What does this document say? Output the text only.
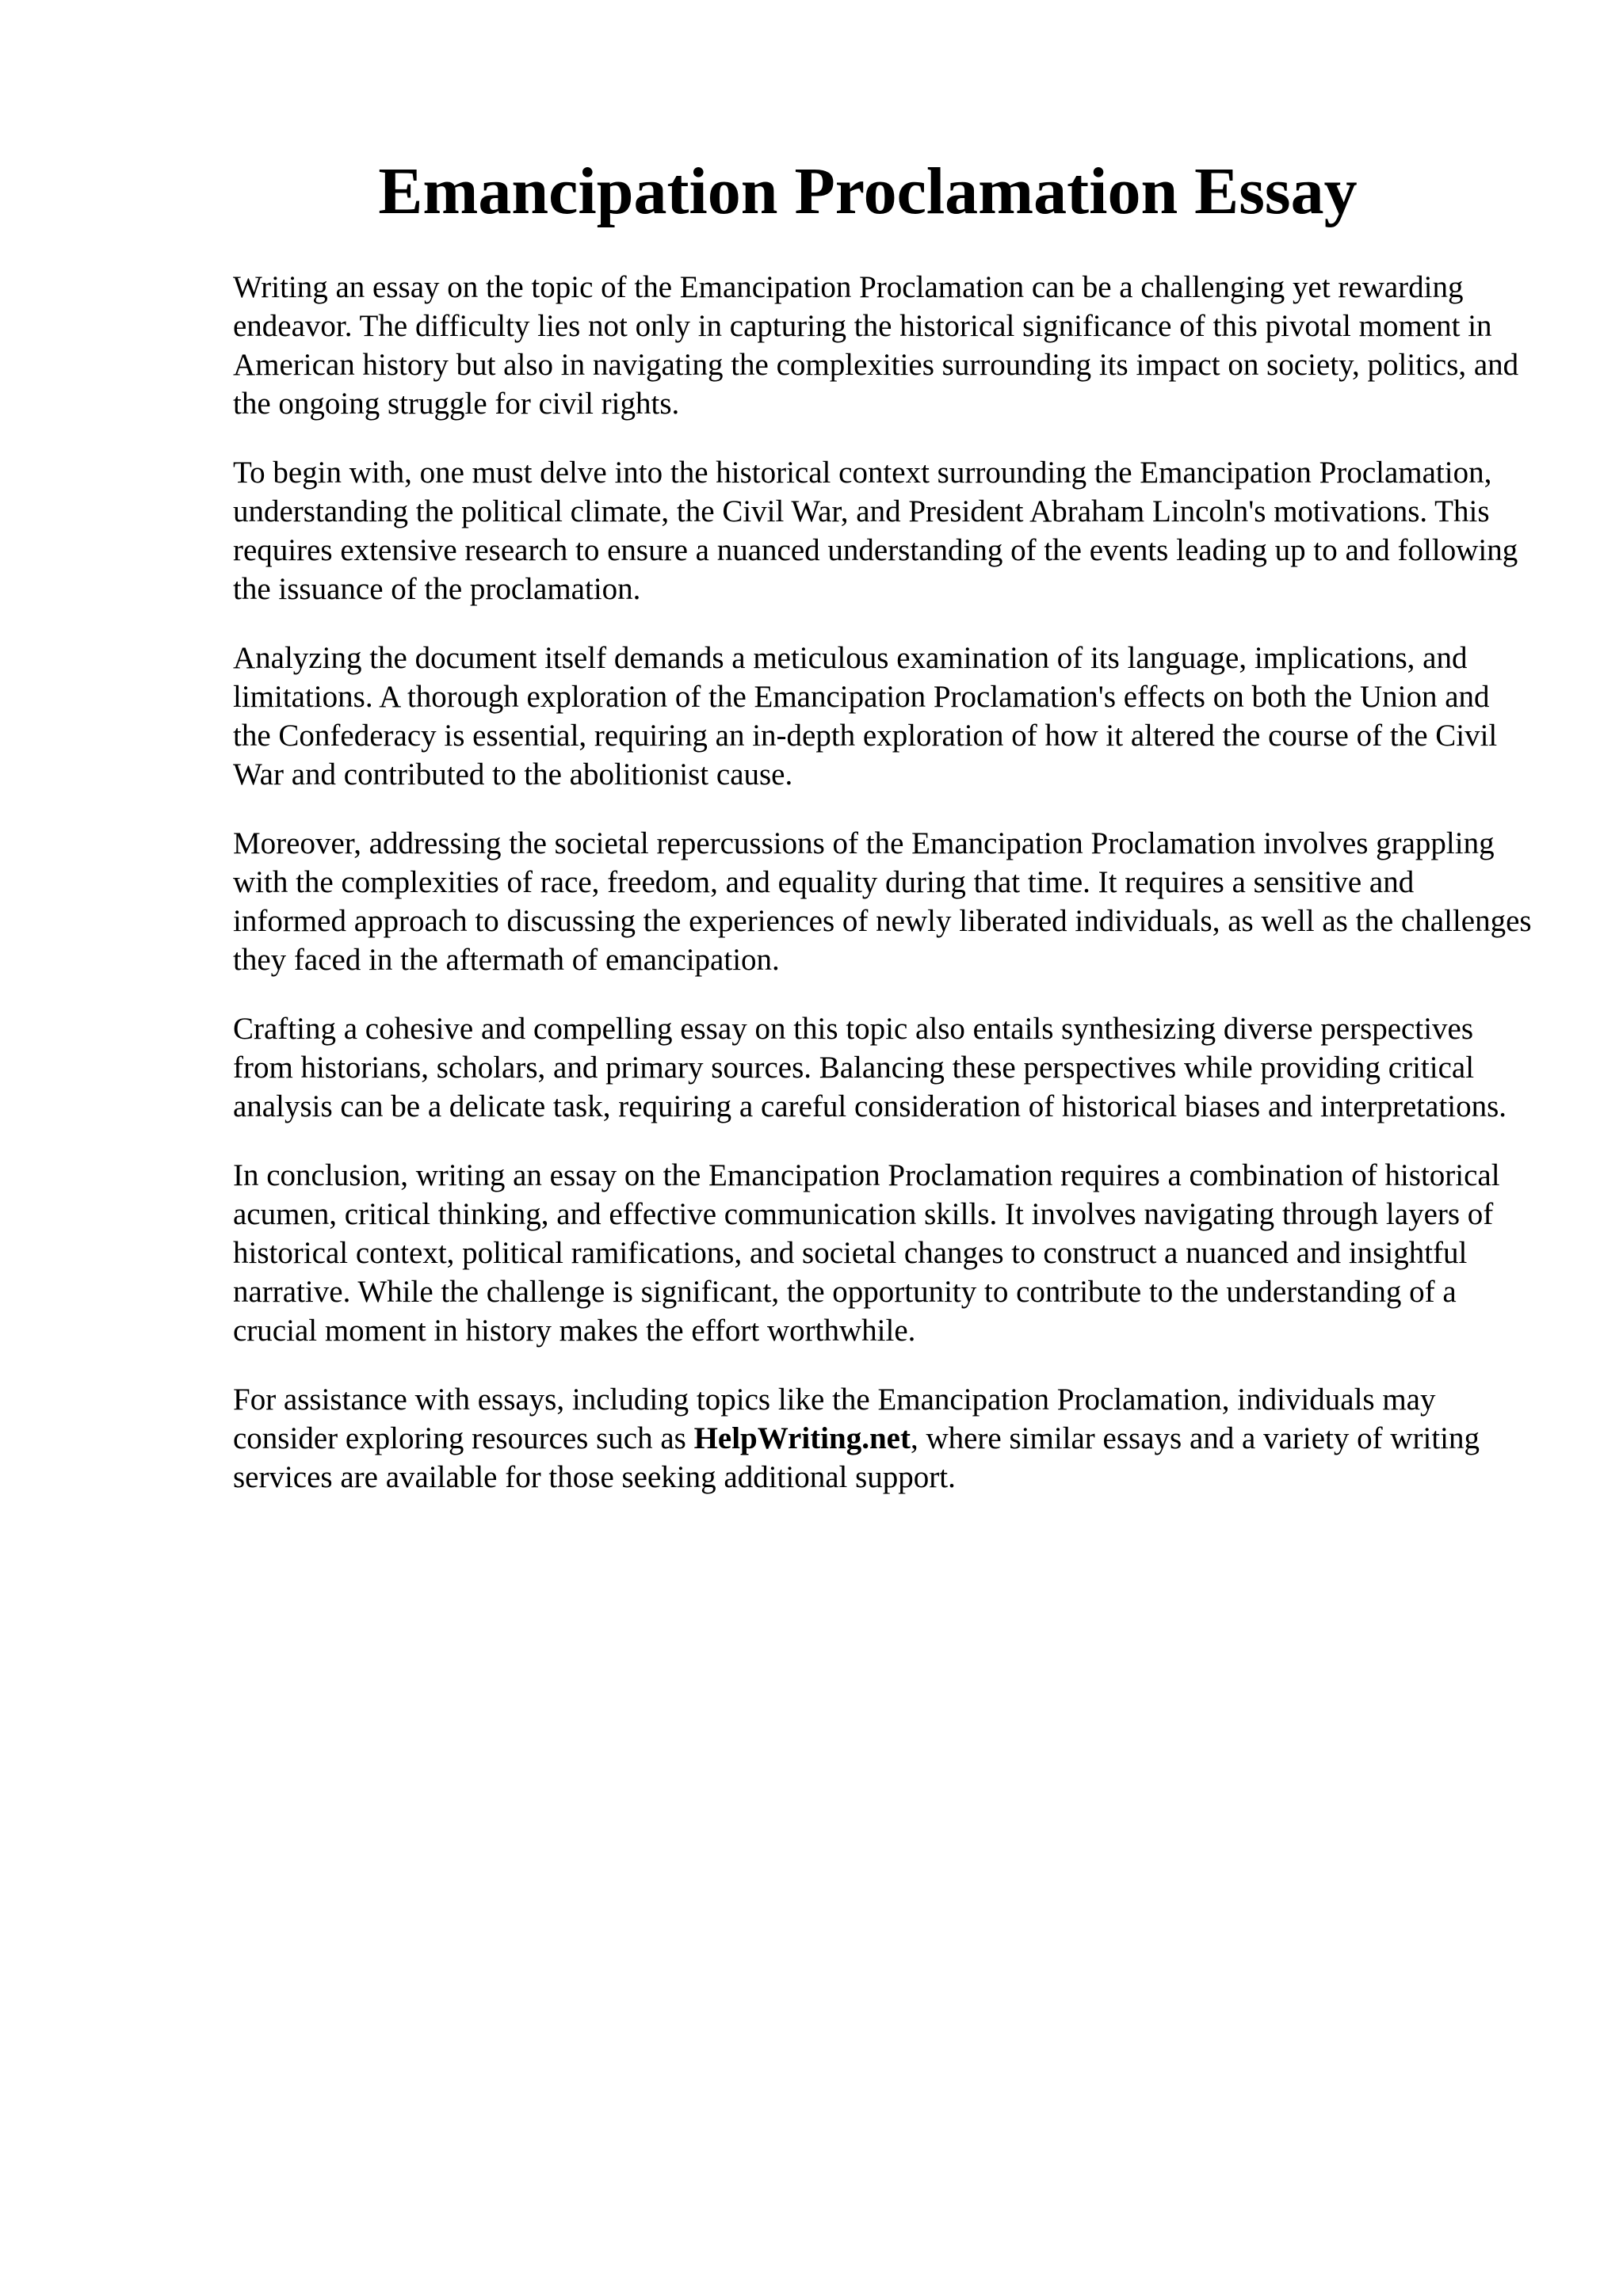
Emancipation Proclamation Essay

Writing an essay on the topic of the Emancipation Proclamation can be a challenging yet rewarding endeavor. The difficulty lies not only in capturing the historical significance of this pivotal moment in American history but also in navigating the complexities surrounding its impact on society, politics, and the ongoing struggle for civil rights.

To begin with, one must delve into the historical context surrounding the Emancipation Proclamation, understanding the political climate, the Civil War, and President Abraham Lincoln's motivations. This requires extensive research to ensure a nuanced understanding of the events leading up to and following the issuance of the proclamation.

Analyzing the document itself demands a meticulous examination of its language, implications, and limitations. A thorough exploration of the Emancipation Proclamation's effects on both the Union and the Confederacy is essential, requiring an in-depth exploration of how it altered the course of the Civil War and contributed to the abolitionist cause.

Moreover, addressing the societal repercussions of the Emancipation Proclamation involves grappling with the complexities of race, freedom, and equality during that time. It requires a sensitive and informed approach to discussing the experiences of newly liberated individuals, as well as the challenges they faced in the aftermath of emancipation.

Crafting a cohesive and compelling essay on this topic also entails synthesizing diverse perspectives from historians, scholars, and primary sources. Balancing these perspectives while providing critical analysis can be a delicate task, requiring a careful consideration of historical biases and interpretations.

In conclusion, writing an essay on the Emancipation Proclamation requires a combination of historical acumen, critical thinking, and effective communication skills. It involves navigating through layers of historical context, political ramifications, and societal changes to construct a nuanced and insightful narrative. While the challenge is significant, the opportunity to contribute to the understanding of a crucial moment in history makes the effort worthwhile.

For assistance with essays, including topics like the Emancipation Proclamation, individuals may consider exploring resources such as HelpWriting.net, where similar essays and a variety of writing services are available for those seeking additional support.
